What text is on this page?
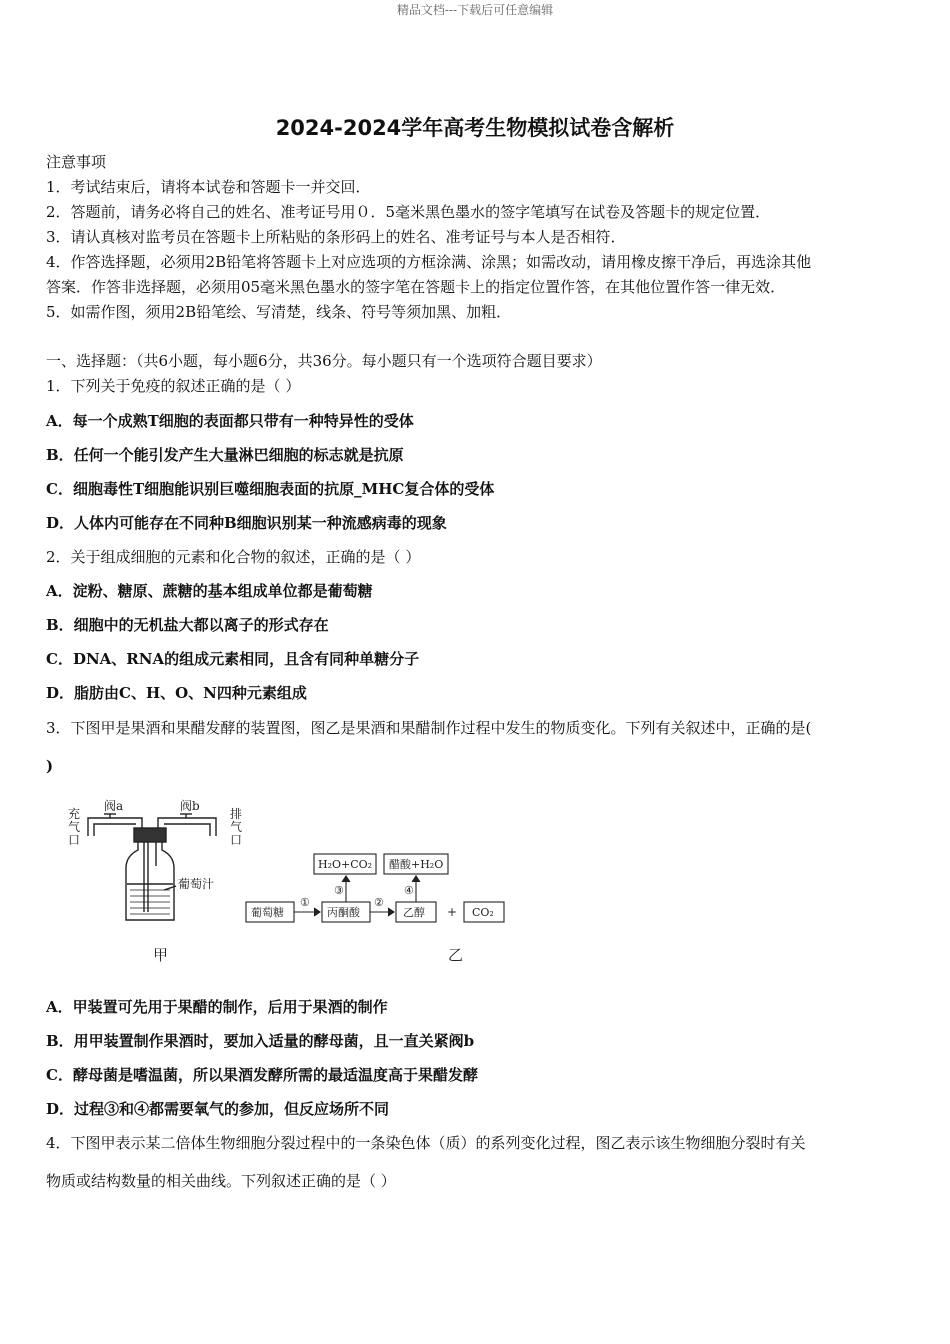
精品文档---下载后可任意编辑
2024-2024学年高考生物模拟试卷含解析
注意事项
1．考试结束后，请将本试卷和答题卡一并交回．
2．答题前，请务必将自己的姓名、准考证号用０．5毫米黑色墨水的签字笔填写在试卷及答题卡的规定位置．
3．请认真核对监考员在答题卡上所粘贴的条形码上的姓名、准考证号与本人是否相符．
4．作答选择题，必须用2B铅笔将答题卡上对应选项的方框涂满、涂黑；如需改动，请用橡皮擦干净后，再选涂其他
答案．作答非选择题，必须用05毫米黑色墨水的签字笔在答题卡上的指定位置作答，在其他位置作答一律无效．
5．如需作图，须用2B铅笔绘、写清楚，线条、符号等须加黑、加粗．
一、选择题：（共6小题，每小题6分，共36分。每小题只有一个选项符合题目要求）
1．下列关于免疫的叙述正确的是（ ）
A．每一个成熟T细胞的表面都只带有一种特异性的受体
B．任何一个能引发产生大量淋巴细胞的标志就是抗原
C．细胞毒性T细胞能识别巨噬细胞表面的抗原_MHC复合体的受体
D．人体内可能存在不同种B细胞识别某一种流感病毒的现象
2．关于组成细胞的元素和化合物的叙述，正确的是（ ）
A．淀粉、糖原、蔗糖的基本组成单位都是葡萄糖
B．细胞中的无机盐大都以离子的形式存在
C．DNA、RNA的组成元素相同，且含有同种单糖分子
D．脂肪由C、H、O、N四种元素组成
3．下图甲是果酒和果醋发酵的装置图，图乙是果酒和果醋制作过程中发生的物质变化。下列有关叙述中，正确的是(
)
阀a	阀b
充
气
口
排
气
口
葡萄汁
甲
葡萄糖	丙酮酸	乙醇	CO₂
+
H₂O+CO₂ 醋酸+H₂O
①	②
③	④
乙
A．甲装置可先用于果醋的制作，后用于果酒的制作
B．用甲装置制作果酒时，要加入适量的酵母菌，且一直关紧阀b
C．酵母菌是嗜温菌，所以果酒发酵所需的最适温度高于果醋发酵
D．过程③和④都需要氧气的参加，但反应场所不同
4．下图甲表示某二倍体生物细胞分裂过程中的一条染色体（质）的系列变化过程，图乙表示该生物细胞分裂时有关
物质或结构数量的相关曲线。下列叙述正确的是（ ）
